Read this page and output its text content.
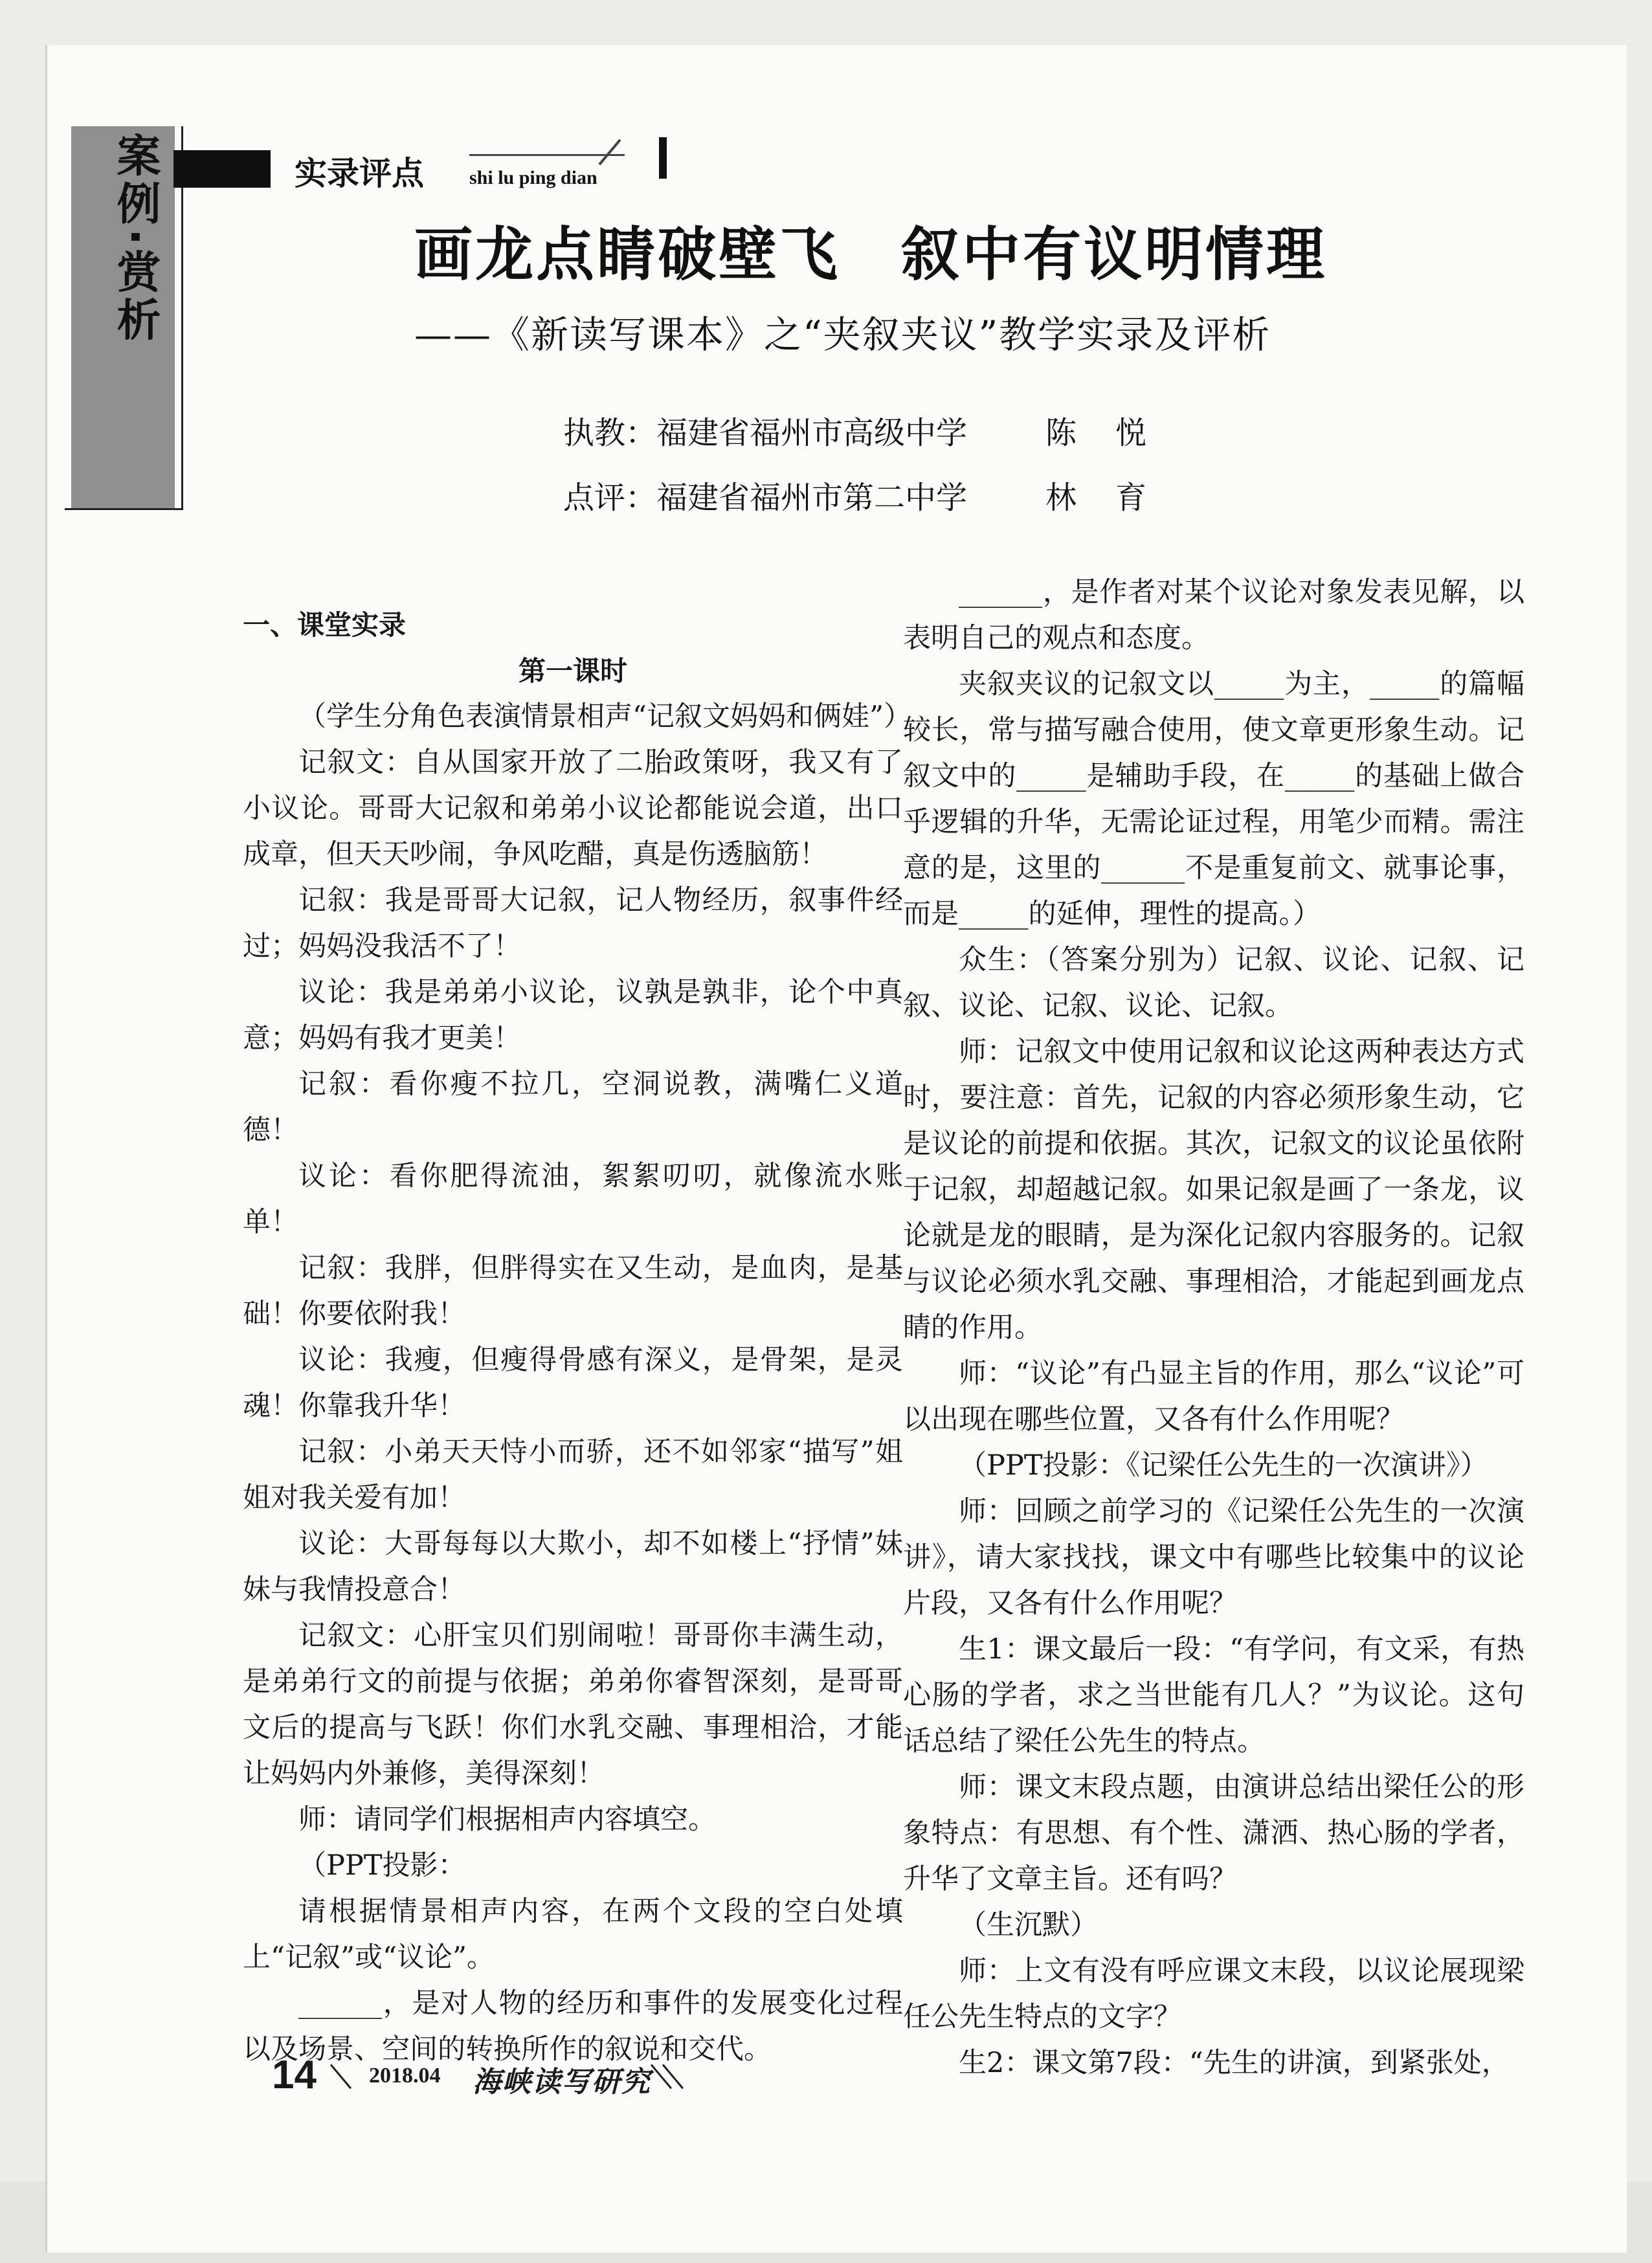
案例·赏析	实录评点 shi lu ping dian
画龙点睛破壁飞　叙中有议明情理
——《新读写课本》之“夹叙夹议”教学实录及评析
执教：福建省福州市高级中学	陈悦
点评：福建省福州市第二中学	林育
一、课堂实录
第一课时

（学生分角色表演情景相声“记叙文妈妈和俩娃”）

记叙文：自从国家开放了二胎政策呀，我又有了小议论。哥哥大记叙和弟弟小议论都能说会道，出口成章，但天天吵闹，争风吃醋，真是伤透脑筋！

记叙：我是哥哥大记叙，记人物经历，叙事件经过；妈妈没我活不了！

议论：我是弟弟小议论，议孰是孰非，论个中真意；妈妈有我才更美！

记叙：看你瘦不拉几，空洞说教，满嘴仁义道德！

议论：看你肥得流油，絮絮叨叨，就像流水账单！

记叙：我胖，但胖得实在又生动，是血肉，是基础！你要依附我！

议论：我瘦，但瘦得骨感有深义，是骨架，是灵魂！你靠我升华！

记叙：小弟天天恃小而骄，还不如邻家“描写”姐姐对我关爱有加！

议论：大哥每每以大欺小，却不如楼上“抒情”妹妹与我情投意合！

记叙文：心肝宝贝们别闹啦！哥哥你丰满生动，是弟弟行文的前提与依据；弟弟你睿智深刻，是哥哥文后的提高与飞跃！你们水乳交融、事理相洽，才能让妈妈内外兼修，美得深刻！

师：请同学们根据相声内容填空。

（PPT投影：

请根据情景相声内容，在两个文段的空白处填上“记叙”或“议论”。

______，是对人物的经历和事件的发展变化过程以及场景、空间的转换所作的叙说和交代。

______，是作者对某个议论对象发表见解，以表明自己的观点和态度。

夹叙夹议的记叙文以_____为主，_____的篇幅较长，常与描写融合使用，使文章更形象生动。记叙文中的_____是辅助手段，在_____的基础上做合乎逻辑的升华，无需论证过程，用笔少而精。需注意的是，这里的______不是重复前文、就事论事，而是_____的延伸，理性的提高。）

众生：（答案分别为）记叙、议论、记叙、记叙、议论、记叙、议论、记叙。

师：记叙文中使用记叙和议论这两种表达方式时，要注意：首先，记叙的内容必须形象生动，它是议论的前提和依据。其次，记叙文的议论虽依附于记叙，却超越记叙。如果记叙是画了一条龙，议论就是龙的眼睛，是为深化记叙内容服务的。记叙与议论必须水乳交融、事理相洽，才能起到画龙点睛的作用。

师：“议论”有凸显主旨的作用，那么“议论”可以出现在哪些位置，又各有什么作用呢？

（PPT投影：《记梁任公先生的一次演讲》）

师：回顾之前学习的《记梁任公先生的一次演讲》，请大家找找，课文中有哪些比较集中的议论片段，又各有什么作用呢？

生1：课文最后一段：“有学问，有文采，有热心肠的学者，求之当世能有几人？”为议论。这句话总结了梁任公先生的特点。

师：课文末段点题，由演讲总结出梁任公的形象特点：有思想、有个性、潇洒、热心肠的学者，升华了文章主旨。还有吗？

（生沉默）

师：上文有没有呼应课文末段，以议论展现梁任公先生特点的文字？

生2：课文第7段：“先生的讲演，到紧张处，

14 2018.04 海峡读写研究
